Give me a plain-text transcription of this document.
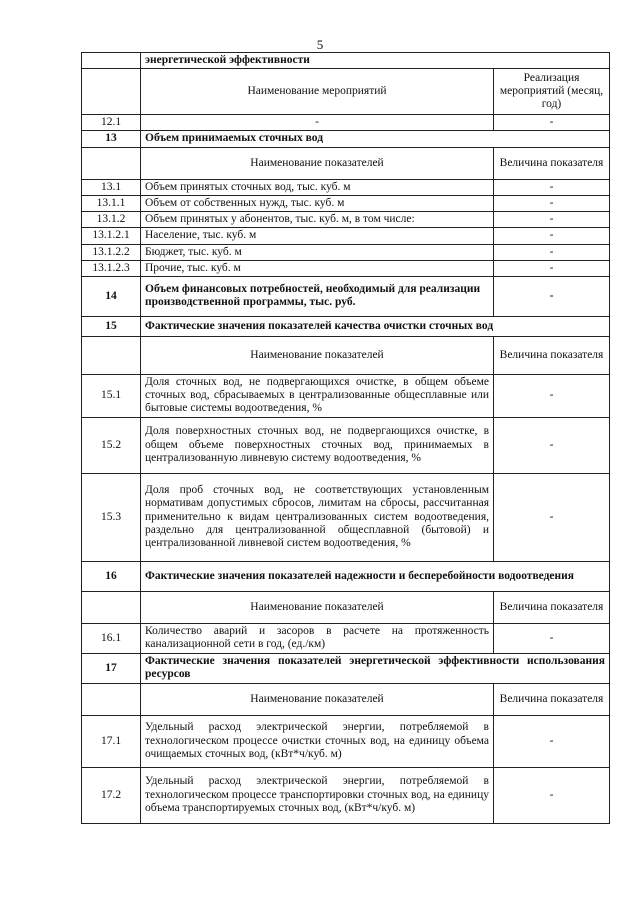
5
	энергетической эффективности	
	Наименование мероприятий	Реализация мероприятий (месяц, год)
12.1	-	-
13	Объем принимаемых сточных вод	
	Наименование показателей	Величина показателя
13.1	Объем принятых сточных вод, тыс. куб. м	-
13.1.1	Объем от собственных нужд, тыс. куб. м	-
13.1.2	Объем принятых у абонентов, тыс. куб. м, в том числе:	-
13.1.2.1	Население, тыс. куб. м	-
13.1.2.2	Бюджет, тыс. куб. м	-
13.1.2.3	Прочие, тыс. куб. м	-
14	Объем финансовых потребностей, необходимый для реализации производственной программы, тыс. руб.	-
15	Фактические значения показателей качества очистки сточных вод	
	Наименование показателей	Величина показателя
15.1	Доля сточных вод, не подвергающихся очистке, в общем объеме сточных вод, сбрасываемых в централизованные общесплавные или бытовые системы водоотведения, %	-
15.2	Доля поверхностных сточных вод, не подвергающихся очистке, в общем объеме поверхностных сточных вод, принимаемых в централизованную ливневую систему водоотведения, %	-
15.3	Доля проб сточных вод, не соответствующих установленным нормативам допустимых сбросов, лимитам на сбросы, рассчитанная применительно к видам централизованных систем водоотведения, раздельно для централизованной общесплавной (бытовой) и централизованной ливневой систем водоотведения, %	-
16	Фактические значения показателей надежности и бесперебойности водоотведения	
	Наименование показателей	Величина показателя
16.1	Количество аварий и засоров в расчете на протяженность канализационной сети в год, (ед./км)	-
17	Фактические значения показателей энергетической эффективности использования ресурсов	
	Наименование показателей	Величина показателя
17.1	Удельный расход электрической энергии, потребляемой в технологическом процессе очистки сточных вод, на единицу объема очищаемых сточных вод, (кВт*ч/куб. м)	-
17.2	Удельный расход электрической энергии, потребляемой в технологическом процессе транспортировки сточных вод, на единицу объема транспортируемых сточных вод, (кВт*ч/куб. м)	-
